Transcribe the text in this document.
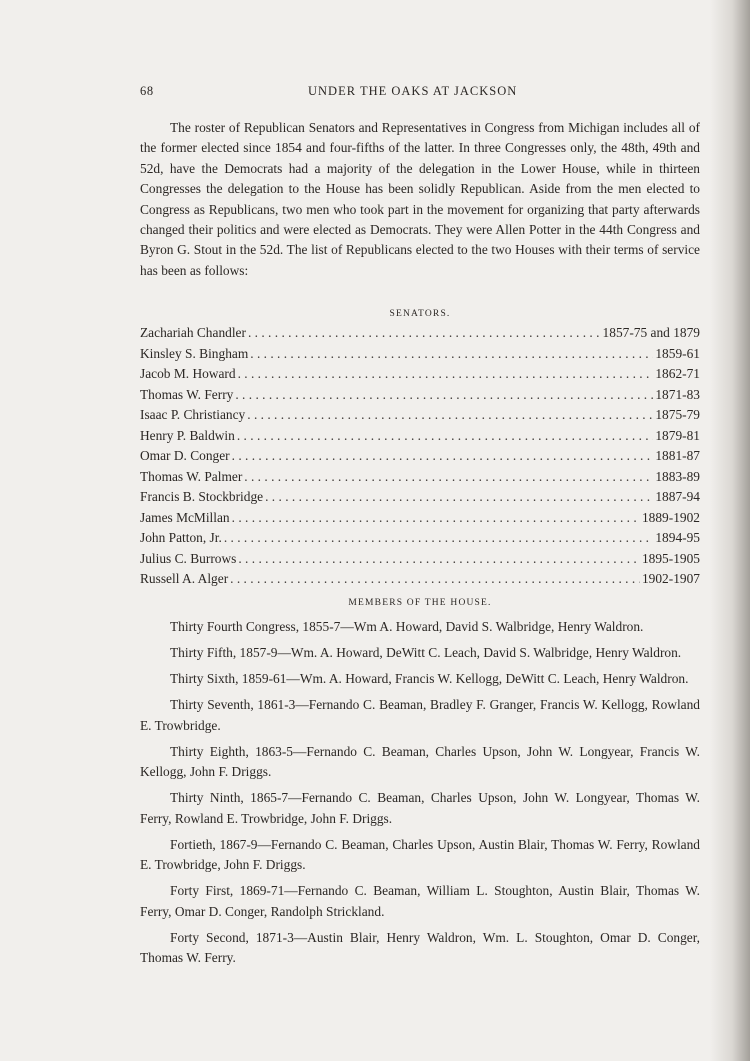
68	UNDER THE OAKS AT JACKSON

The roster of Republican Senators and Representatives in Congress from Michigan includes all of the former elected since 1854 and four-fifths of the latter. In three Congresses only, the 48th, 49th and 52d, have the Democrats had a majority of the delegation in the Lower House, while in thirteen Congresses the delegation to the House has been solidly Republican. Aside from the men elected to Congress as Republicans, two men who took part in the movement for organizing that party afterwards changed their politics and were elected as Democrats. They were Allen Potter in the 44th Congress and Byron G. Stout in the 52d. The list of Republicans elected to the two Houses with their terms of service has been as follows:

SENATORS.
Zachariah Chandler . . .	1857-75 and 1879
Kinsley S. Bingham . . .	1859-61
Jacob M. Howard . . .	1862-71
Thomas W. Ferry . . .	1871-83
Isaac P. Christiancy . . .	1875-79
Henry P. Baldwin . . .	1879-81
Omar D. Conger . . .	1881-87
Thomas W. Palmer . . .	1883-89
Francis B. Stockbridge . . .	1887-94
James McMillan . . .	1889-1902
John Patton, Jr. . . .	1894-95
Julius C. Burrows . . .	1895-1905
Russell A. Alger . . .	1902-1907
MEMBERS OF THE HOUSE.
Thirty Fourth Congress, 1855-7—Wm A. Howard, David S. Walbridge, Henry Waldron.
Thirty Fifth, 1857-9—Wm. A. Howard, DeWitt C. Leach, David S. Walbridge, Henry Waldron.
Thirty Sixth, 1859-61—Wm. A. Howard, Francis W. Kellogg, DeWitt C. Leach, Henry Waldron.
Thirty Seventh, 1861-3—Fernando C. Beaman, Bradley F. Granger, Francis W. Kellogg, Rowland E. Trowbridge.
Thirty Eighth, 1863-5—Fernando C. Beaman, Charles Upson, John W. Longyear, Francis W. Kellogg, John F. Driggs.
Thirty Ninth, 1865-7—Fernando C. Beaman, Charles Upson, John W. Longyear, Thomas W. Ferry, Rowland E. Trowbridge, John F. Driggs.
Fortieth, 1867-9—Fernando C. Beaman, Charles Upson, Austin Blair, Thomas W. Ferry, Rowland E. Trowbridge, John F. Driggs.
Forty First, 1869-71—Fernando C. Beaman, William L. Stoughton, Austin Blair, Thomas W. Ferry, Omar D. Conger, Randolph Strickland.
Forty Second, 1871-3—Austin Blair, Henry Waldron, Wm. L. Stoughton, Omar D. Conger, Thomas W. Ferry.
